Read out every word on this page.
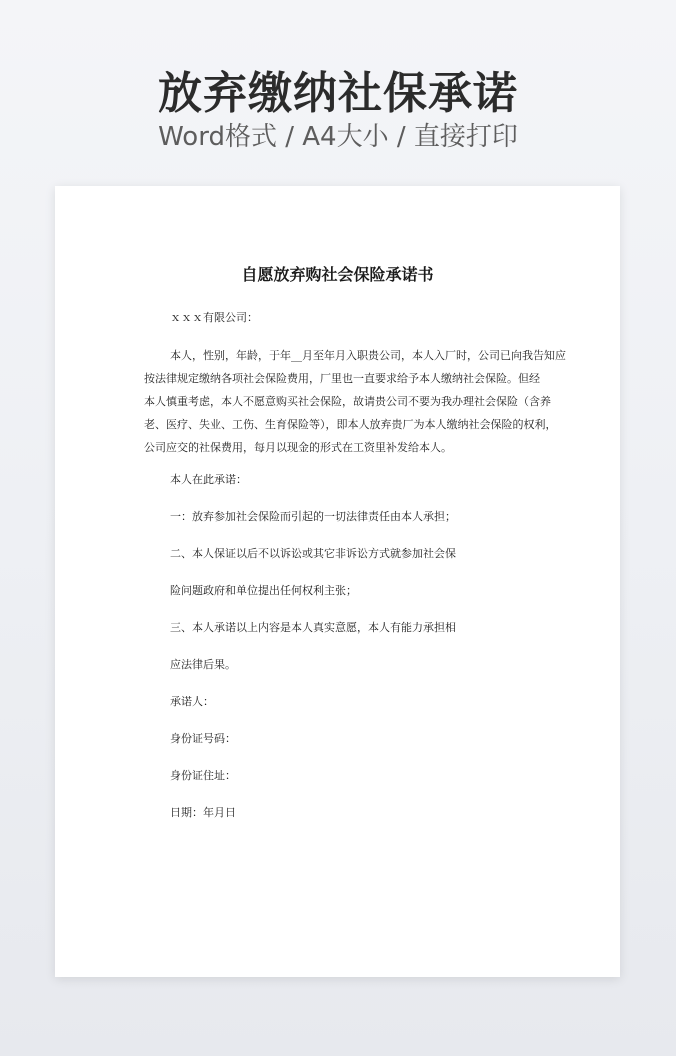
放弃缴纳社保承诺
Word格式 / A4大小 / 直接打印
自愿放弃购社会保险承诺书
ｘｘｘ有限公司：
本人，性别，年龄，于年__月至年月入职贵公司，本人入厂时，公司已向我告知应
按法律规定缴纳各项社会保险费用，厂里也一直要求给予本人缴纳社会保险。但经
本人慎重考虑，本人不愿意购买社会保险，故请贵公司不要为我办理社会保险（含养
老、医疗、失业、工伤、生育保险等），即本人放弃贵厂为本人缴纳社会保险的权利，
公司应交的社保费用，每月以现金的形式在工资里补发给本人。
本人在此承诺：
一：放弃参加社会保险而引起的一切法律责任由本人承担；
二、本人保证以后不以诉讼或其它非诉讼方式就参加社会保
险问题政府和单位提出任何权利主张；
三、本人承诺以上内容是本人真实意愿，本人有能力承担相
应法律后果。
承诺人：
身份证号码：
身份证住址：
日期：年月日
